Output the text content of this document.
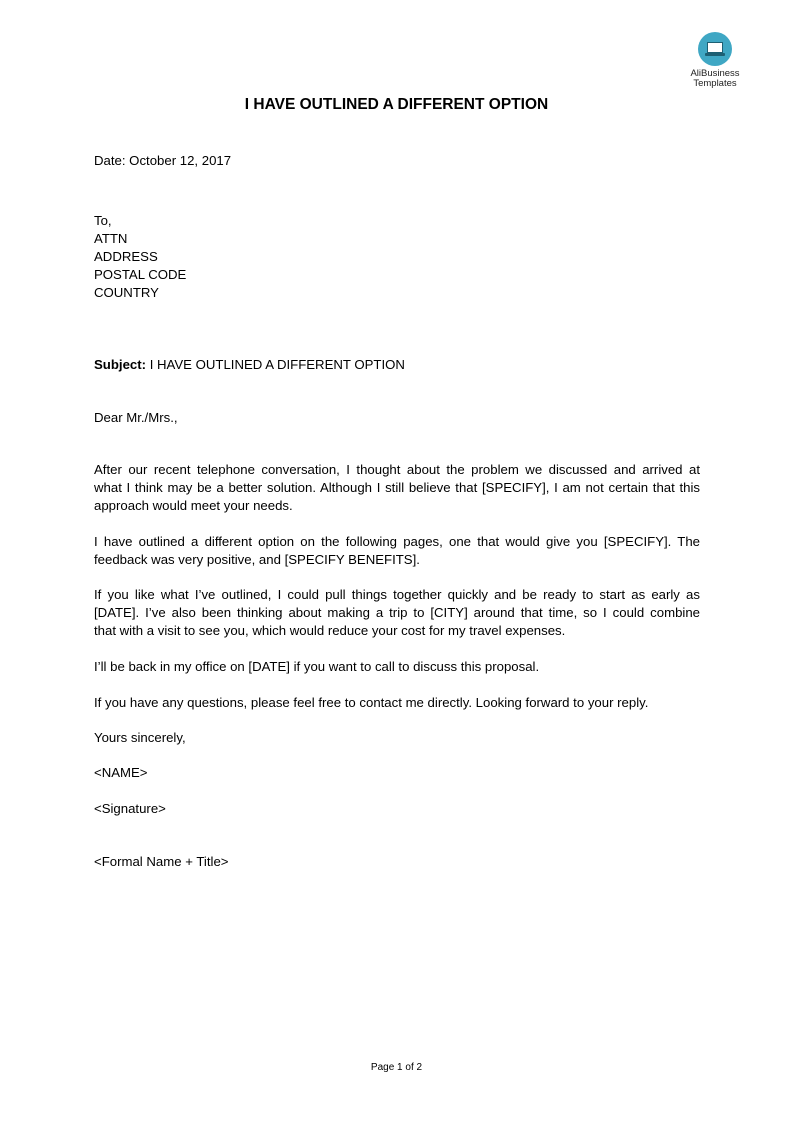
AliBusiness
Templates
I HAVE OUTLINED A DIFFERENT OPTION
Date: October 12, 2017
To,
ATTN
ADDRESS
POSTAL CODE
COUNTRY
Subject: I HAVE OUTLINED A DIFFERENT OPTION
Dear Mr./Mrs.,
After our recent telephone conversation, I thought about the problem we discussed and arrived at
what I think may be a better solution. Although I still believe that [SPECIFY], I am not certain that this
approach would meet your needs.
I have outlined a different option on the following pages, one that would give you [SPECIFY]. The
feedback was very positive, and [SPECIFY BENEFITS].
If you like what I’ve outlined, I could pull things together quickly and be ready to start as early as
[DATE]. I’ve also been thinking about making a trip to [CITY] around that time, so I could combine
that with a visit to see you, which would reduce your cost for my travel expenses.
I’ll be back in my office on [DATE] if you want to call to discuss this proposal.
If you have any questions, please feel free to contact me directly. Looking forward to your reply.
Yours sincerely,
<NAME>
<Signature>
<Formal Name + Title>
Page 1 of 2
